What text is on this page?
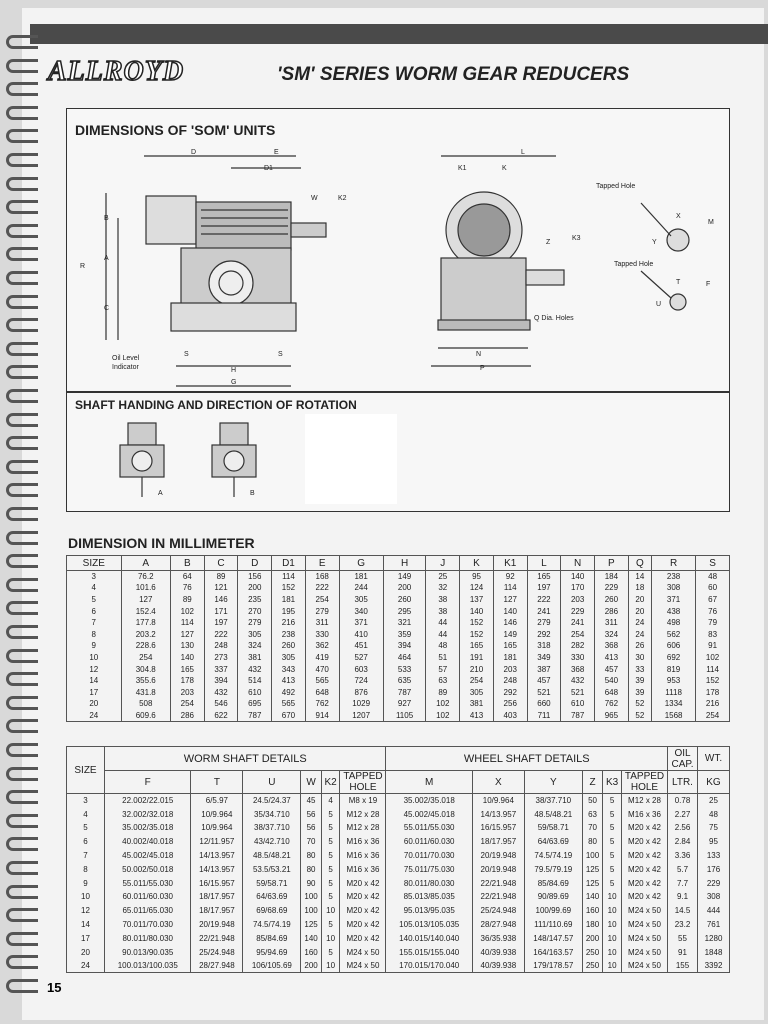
ALLROYD	'SM' SERIES WORM GEAR REDUCERS
DIMENSIONS OF 'SOM' UNITS
D	E
D1
W	K2
B
A
R
C
S	S
H
G
Oil Level
Indicator
K1	K
L
Z
K3
N
P
Q Dia. Holes
Tapped Hole
Tapped Hole
X
M
Y
T	F
U
SHAFT HANDING AND DIRECTION OF ROTATION
A	B
DIMENSION IN MILLIMETER
SIZE	A	B	C	D	D1	E	G	H	J	K	K1	L	N	P	Q	R	S
3	76.2	64	89	156	114	168	181	149	25	95	92	165	140	184	14	238	48
4	101.6	76	121	200	152	222	244	200	32	124	114	197	170	229	18	308	60
5	127	89	146	235	181	254	305	260	38	137	127	222	203	260	20	371	67
6	152.4	102	171	270	195	279	340	295	38	140	140	241	229	286	20	438	76
7	177.8	114	197	279	216	311	371	321	44	152	146	279	241	311	24	498	79
8	203.2	127	222	305	238	330	410	359	44	152	149	292	254	324	24	562	83
9	228.6	130	248	324	260	362	451	394	48	165	165	318	282	368	26	606	91
10	254	140	273	381	305	419	527	464	51	191	181	349	330	413	30	692	102
12	304.8	165	337	432	343	470	603	533	57	210	203	387	368	457	33	819	114
14	355.6	178	394	514	413	565	724	635	63	254	248	457	432	540	39	953	152
17	431.8	203	432	610	492	648	876	787	89	305	292	521	521	648	39	1118	178
20	508	254	546	695	565	762	1029	927	102	381	256	660	610	762	52	1334	216
24	609.6	286	622	787	670	914	1207	1105	102	413	403	711	787	965	52	1568	254
SIZE	WORM SHAFT DETAILS						WHEEL SHAFT DETAILS						OIL CAP.	WT.
	F	T	U	W	K2	TAPPED HOLE	M	X	Y	Z	K3	TAPPED HOLE		
													LTR.	KG
3	22.002/22.015	6/5.97	24.5/24.37	45	4	M8 x 19	35.002/35.018	10/9.964	38/37.710	50	5	M12 x 28	0.78	25
4	32.002/32.018	10/9.964	35/34.710	56	5	M12 x 28	45.002/45.018	14/13.957	48.5/48.21	63	5	M16 x 36	2.27	48
5	35.002/35.018	10/9.964	38/37.710	56	5	M12 x 28	55.011/55.030	16/15.957	59/58.71	70	5	M20 x 42	2.56	75
6	40.002/40.018	12/11.957	43/42.710	70	5	M16 x 36	60.011/60.030	18/17.957	64/63.69	80	5	M20 x 42	2.84	95
7	45.002/45.018	14/13.957	48.5/48.21	80	5	M16 x 36	70.011/70.030	20/19.948	74.5/74.19	100	5	M20 x 42	3.36	133
8	50.002/50.018	14/13.957	53.5/53.21	80	5	M16 x 36	75.011/75.030	20/19.948	79.5/79.19	125	5	M20 x 42	5.7	176
9	55.011/55.030	16/15.957	59/58.71	90	5	M20 x 42	80.011/80.030	22/21.948	85/84.69	125	5	M20 x 42	7.7	229
10	60.011/60.030	18/17.957	64/63.69	100	5	M20 x 42	85.013/85.035	22/21.948	90/89.69	140	10	M20 x 42	9.1	308
12	65.011/65.030	18/17.957	69/68.69	100	10	M20 x 42	95.013/95.035	25/24.948	100/99.69	160	10	M24 x 50	14.5	444
14	70.011/70.030	20/19.948	74.5/74.19	125	5	M20 x 42	105.013/105.035	28/27.948	111/110.69	180	10	M24 x 50	23.2	761
17	80.011/80.030	22/21.948	85/84.69	140	10	M20 x 42	140.015/140.040	36/35.938	148/147.57	200	10	M24 x 50	55	1280
20	90.013/90.035	25/24.948	95/94.69	160	5	M24 x 50	155.015/155.040	40/39.938	164/163.57	250	10	M24 x 50	91	1848
24	100.013/100.035	28/27.948	106/105.69	200	10	M24 x 50	170.015/170.040	40/39.938	179/178.57	250	10	M24 x 50	155	3392
15
